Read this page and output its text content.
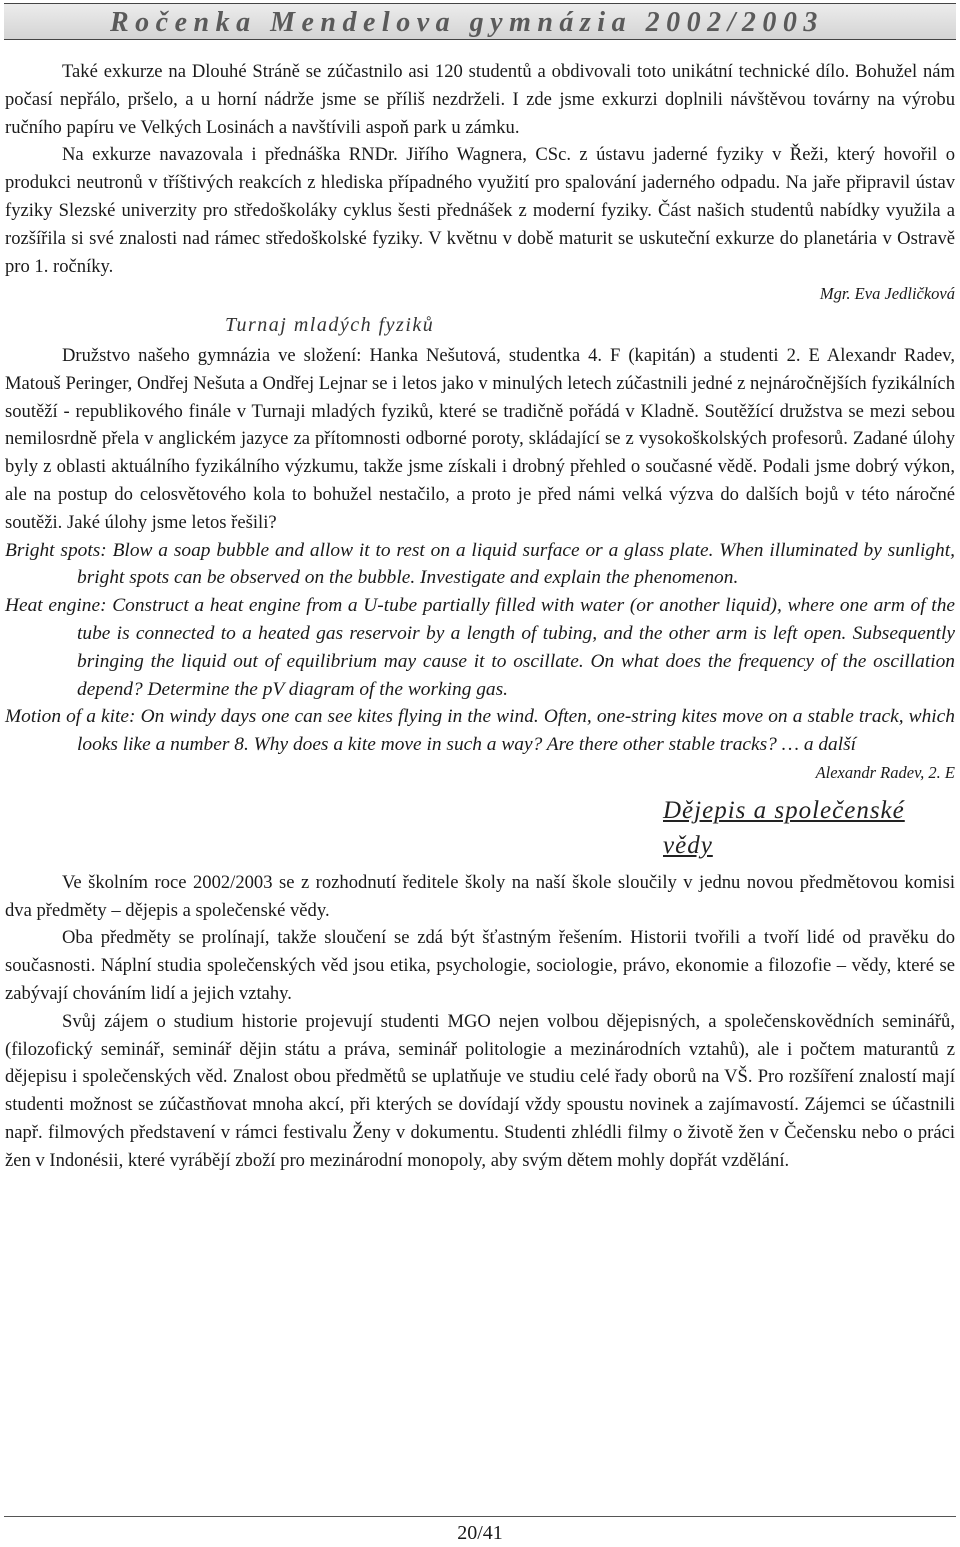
Ročenka Mendelova gymnázia 2002/2003

Také exkurze na Dlouhé Stráně se zúčastnilo asi 120 studentů a obdivovali toto unikátní technické dílo. Bohužel nám počasí nepřálo, pršelo, a u horní nádrže jsme se příliš nezdrželi. I zde jsme exkurzi doplnili návštěvou továrny na výrobu ručního papíru ve Velkých Losinách a navštívili aspoň park u zámku.

Na exkurze navazovala i přednáška RNDr. Jiřího Wagnera, CSc. z ústavu jaderné fyziky v Řeži, který hovořil o produkci neutronů v tříštivých reakcích z hlediska případného využití pro spalování jaderného odpadu. Na jaře připravil ústav fyziky Slezské univerzity pro středoškoláky cyklus šesti přednášek z moderní fyziky. Část našich studentů nabídky využila a rozšířila si své znalosti nad rámec středoškolské fyziky. V květnu v době maturit se uskuteční exkurze do planetária v Ostravě pro 1. ročníky.

Mgr. Eva Jedličková

Turnaj mladých fyziků

Družstvo našeho gymnázia ve složení: Hanka Nešutová, studentka 4. F (kapitán) a studenti 2. E Alexandr Radev, Matouš Peringer, Ondřej Nešuta a Ondřej Lejnar se i letos jako v minulých letech zúčastnili jedné z nejnáročnějších fyzikálních soutěží - republikového finále v Turnaji mladých fyziků, které se tradičně pořádá v Kladně. Soutěžící družstva se mezi sebou nemilosrdně přela v anglickém jazyce za přítomnosti odborné poroty, skládající se z vysokoškolských profesorů. Zadané úlohy byly z oblasti aktuálního fyzikálního výzkumu, takže jsme získali i drobný přehled o současné vědě. Podali jsme dobrý výkon, ale na postup do celosvětového kola to bohužel nestačilo, a proto je před námi velká výzva do dalších bojů v této náročné soutěži. Jaké úlohy jsme letos řešili?

Bright spots: Blow a soap bubble and allow it to rest on a liquid surface or a glass plate. When illuminated by sunlight, bright spots can be observed on the bubble. Investigate and explain the phenomenon.

Heat engine: Construct a heat engine from a U-tube partially filled with water (or another liquid), where one arm of the tube is connected to a heated gas reservoir by a length of tubing, and the other arm is left open. Subsequently bringing the liquid out of equilibrium may cause it to oscillate. On what does the frequency of the oscillation depend? Determine the pV diagram of the working gas.

Motion of a kite: On windy days one can see kites flying in the wind. Often, one-string kites move on a stable track, which looks like a number 8. Why does a kite move in such a way? Are there other stable tracks? … a další

Alexandr Radev, 2. E

Dějepis a společenské vědy

Ve školním roce 2002/2003 se z rozhodnutí ředitele školy na naší škole sloučily v jednu novou předmětovou komisi dva předměty – dějepis a společenské vědy.

Oba předměty se prolínají, takže sloučení se zdá být šťastným řešením. Historii tvořili a tvoří lidé od pravěku do současnosti. Náplní studia společenských věd jsou etika, psychologie, sociologie, právo, ekonomie a filozofie – vědy, které se zabývají chováním lidí a jejich vztahy.

Svůj zájem o studium historie projevují studenti MGO nejen volbou dějepisných, a společenskovědních seminářů, (filozofický seminář, seminář dějin státu a práva, seminář politologie a mezinárodních vztahů), ale i počtem maturantů z dějepisu i společenských věd. Znalost obou předmětů se uplatňuje ve studiu celé řady oborů na VŠ. Pro rozšíření znalostí mají studenti možnost se zúčastňovat mnoha akcí, při kterých se dovídají vždy spoustu novinek a zajímavostí. Zájemci se účastnili např. filmových představení v rámci festivalu Ženy v dokumentu. Studenti zhlédli filmy o životě žen v Čečensku nebo o práci žen v Indonésii, které vyrábějí zboží pro mezinárodní monopoly, aby svým dětem mohly dopřát vzdělání.

20/41
